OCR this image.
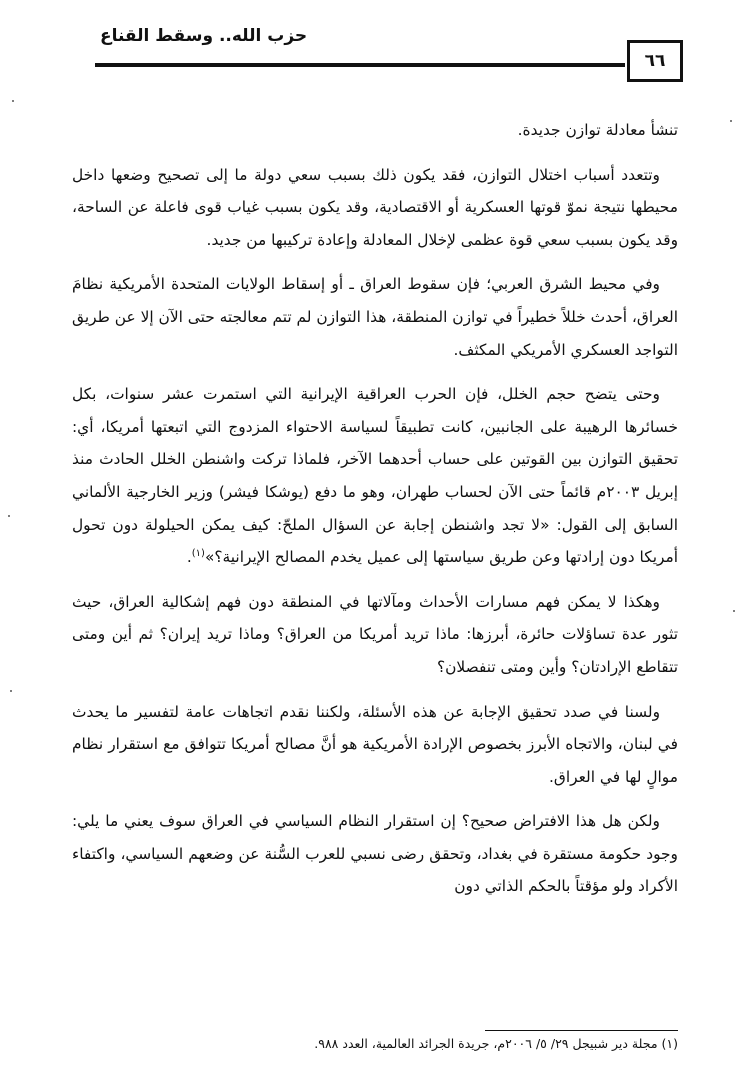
حزب الله.. وسقط القناع
٦٦

تنشأ معادلة توازن جديدة.

وتتعدد أسباب اختلال التوازن، فقد يكون ذلك بسبب سعي دولة ما إلى تصحيح وضعها داخل محيطها نتيجة نموّ قوتها العسكرية أو الاقتصادية، وقد يكون بسبب غياب قوى فاعلة عن الساحة، وقد يكون بسبب سعي قوة عظمى لإخلال المعادلة وإعادة تركيبها من جديد.

وفي محيط الشرق العربي؛ فإن سقوط العراق ـ أو إسقاط الولايات المتحدة الأمريكية نظامَ العراق، أحدث خللاً خطيراً في توازن المنطقة، هذا التوازن لم تتم معالجته حتى الآن إلا عن طريق التواجد العسكري الأمريكي المكثف.

وحتى يتضح حجم الخلل، فإن الحرب العراقية الإيرانية التي استمرت عشر سنوات، بكل خسائرها الرهيبة على الجانبين، كانت تطبيقاً لسياسة الاحتواء المزدوج التي اتبعتها أمريكا، أي: تحقيق التوازن بين القوتين على حساب أحدهما الآخر، فلماذا تركت واشنطن الخلل الحادث منذ إبريل ٢٠٠٣م قائماً حتى الآن لحساب طهران، وهو ما دفع (يوشكا فيشر) وزير الخارجية الألماني السابق إلى القول: «لا تجد واشنطن إجابة عن السؤال الملحّ: كيف يمكن الحيلولة دون تحول أمريكا دون إرادتها وعن طريق سياستها إلى عميل يخدم المصالح الإيرانية؟»$^{(١)}$.

وهكذا لا يمكن فهم مسارات الأحداث ومآلاتها في المنطقة دون فهم إشكالية العراق، حيث تثور عدة تساؤلات حائرة، أبرزها: ماذا تريد أمريكا من العراق؟ وماذا تريد إيران؟ ثم أين ومتى تتقاطع الإرادتان؟ وأين ومتى تنفصلان؟

ولسنا في صدد تحقيق الإجابة عن هذه الأسئلة، ولكننا نقدم اتجاهات عامة لتفسير ما يحدث في لبنان، والاتجاه الأبرز بخصوص الإرادة الأمريكية هو أنَّ مصالح أمريكا تتوافق مع استقرار نظام موالٍ لها في العراق.

ولكن هل هذا الافتراض صحيح؟ إن استقرار النظام السياسي في العراق سوف يعني ما يلي: وجود حكومة مستقرة في بغداد، وتحقق رضى نسبي للعرب السُّنة عن وضعهم السياسي، واكتفاء الأكراد ولو مؤقتاً بالحكم الذاتي دون

(١) مجلة دير شبيجل ٢٩/ ٥/ ٢٠٠٦م، جريدة الجرائد العالمية، العدد ٩٨٨.
